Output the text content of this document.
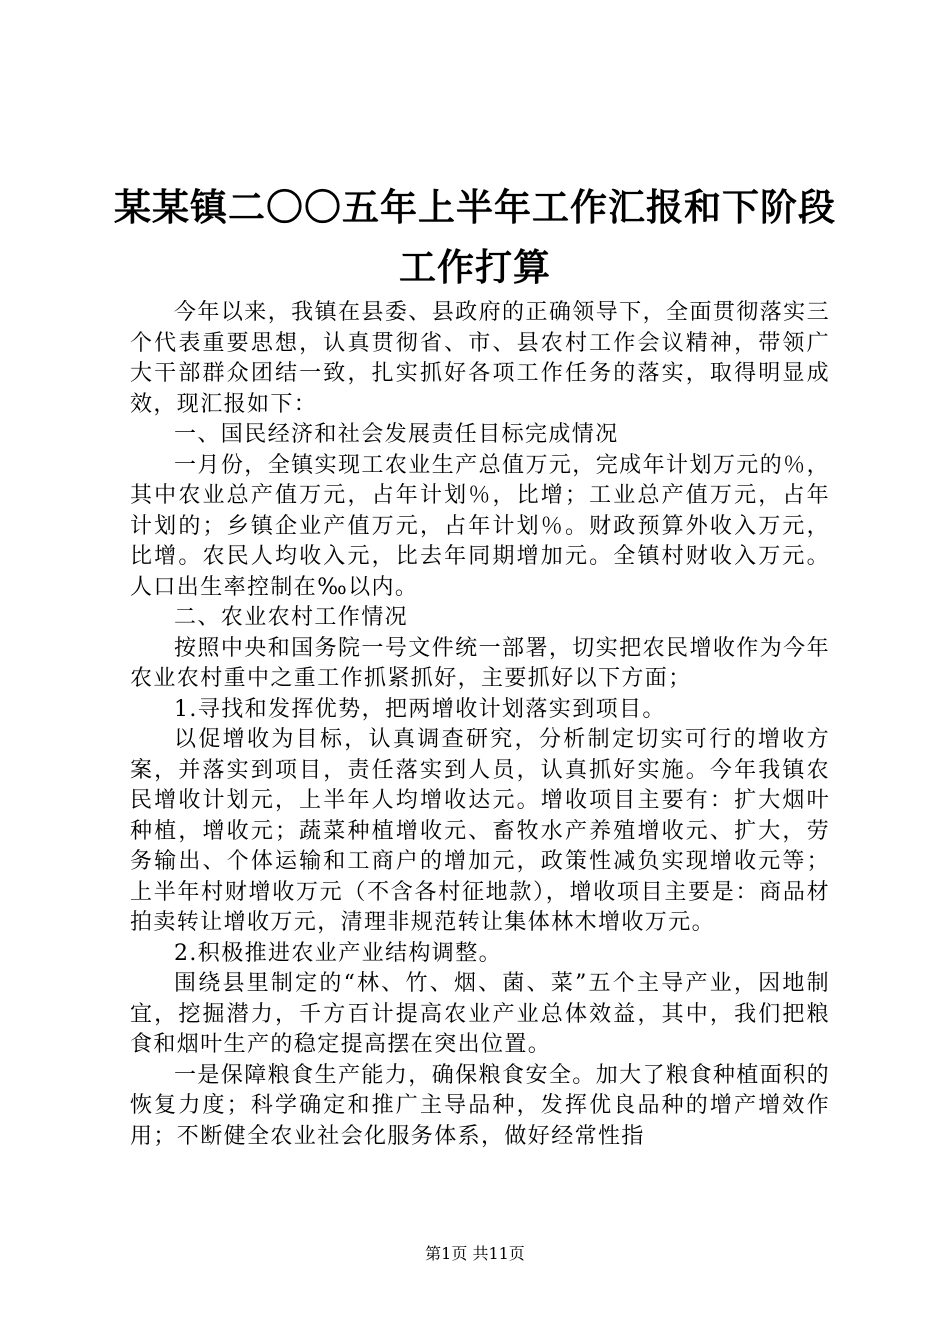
某某镇二〇〇五年上半年工作汇报和下阶段工作打算

今年以来，我镇在县委、县政府的正确领导下，全面贯彻落实三个代表重要思想，认真贯彻省、市、县农村工作会议精神，带领广大干部群众团结一致，扎实抓好各项工作任务的落实，取得明显成效，现汇报如下：

一、国民经济和社会发展责任目标完成情况

一月份，全镇实现工农业生产总值万元，完成年计划万元的％，其中农业总产值万元，占年计划％，比增；工业总产值万元，占年计划的；乡镇企业产值万元，占年计划％。财政预算外收入万元，比增。农民人均收入元，比去年同期增加元。全镇村财收入万元。人口出生率控制在‰以内。

二、农业农村工作情况

按照中央和国务院一号文件统一部署，切实把农民增收作为今年农业农村重中之重工作抓紧抓好，主要抓好以下方面；

1.寻找和发挥优势，把两增收计划落实到项目。

以促增收为目标，认真调查研究，分析制定切实可行的增收方案，并落实到项目，责任落实到人员，认真抓好实施。今年我镇农民增收计划元，上半年人均增收达元。增收项目主要有：扩大烟叶种植，增收元；蔬菜种植增收元、畜牧水产养殖增收元、扩大，劳务输出、个体运输和工商户的增加元，政策性减负实现增收元等；上半年村财增收万元（不含各村征地款），增收项目主要是：商品材拍卖转让增收万元，清理非规范转让集体林木增收万元。

2.积极推进农业产业结构调整。

围绕县里制定的“林、竹、烟、菌、菜”五个主导产业，因地制宜，挖掘潜力，千方百计提高农业产业总体效益，其中，我们把粮食和烟叶生产的稳定提高摆在突出位置。

一是保障粮食生产能力，确保粮食安全。加大了粮食种植面积的恢复力度；科学确定和推广主导品种，发挥优良品种的增产增效作用；不断健全农业社会化服务体系，做好经常性指

第1页 共11页
